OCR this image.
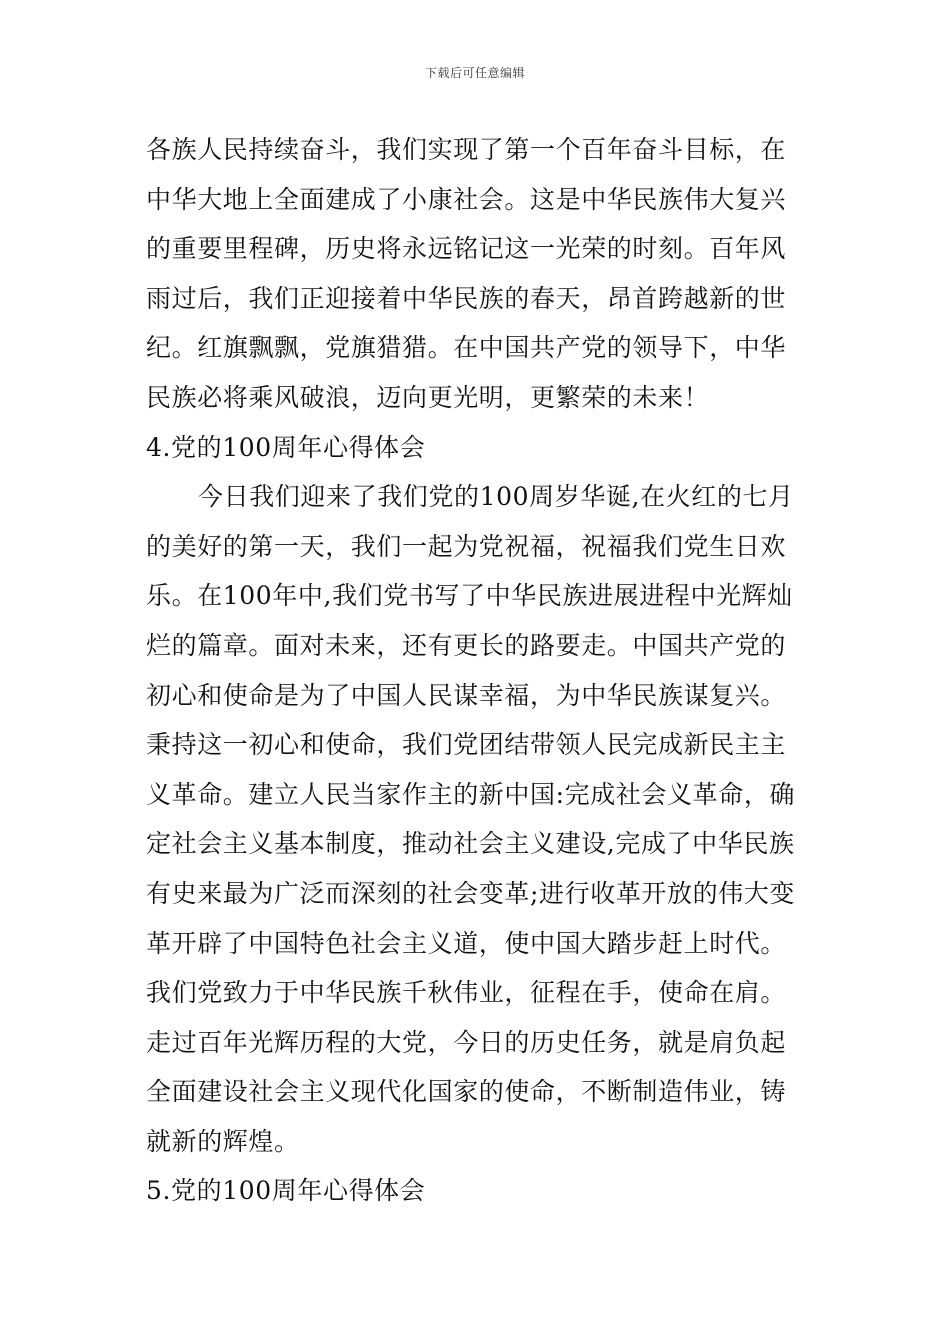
下载后可任意编辑
各族人民持续奋斗，我们实现了第一个百年奋斗目标，在
中华大地上全面建成了小康社会。这是中华民族伟大复兴
的重要里程碑，历史将永远铭记这一光荣的时刻。百年风
雨过后，我们正迎接着中华民族的春天，昂首跨越新的世
纪。红旗飘飘，党旗猎猎。在中国共产党的领导下，中华
民族必将乘风破浪，迈向更光明，更繁荣的未来！
4.党的100周年心得体会
今日我们迎来了我们党的100周岁华诞,在火红的七月
的美好的第一天，我们一起为党祝福，祝福我们党生日欢
乐。在100年中,我们党书写了中华民族进展进程中光辉灿
烂的篇章。面对未来，还有更长的路要走。中国共产党的
初心和使命是为了中国人民谋幸福，为中华民族谋复兴。
秉持这一初心和使命，我们党团结带领人民完成新民主主
义革命。建立人民当家作主的新中国:完成社会义革命，确
定社会主义基本制度，推动社会主义建设,完成了中华民族
有史来最为广泛而深刻的社会变革;进行收革开放的伟大变
革开辟了中国特色社会主义道，使中国大踏步赶上时代。
我们党致力于中华民族千秋伟业，征程在手，使命在肩。
走过百年光辉历程的大党，今日的历史任务，就是肩负起
全面建设社会主义现代化国家的使命，不断制造伟业，铸
就新的辉煌。
5.党的100周年心得体会
